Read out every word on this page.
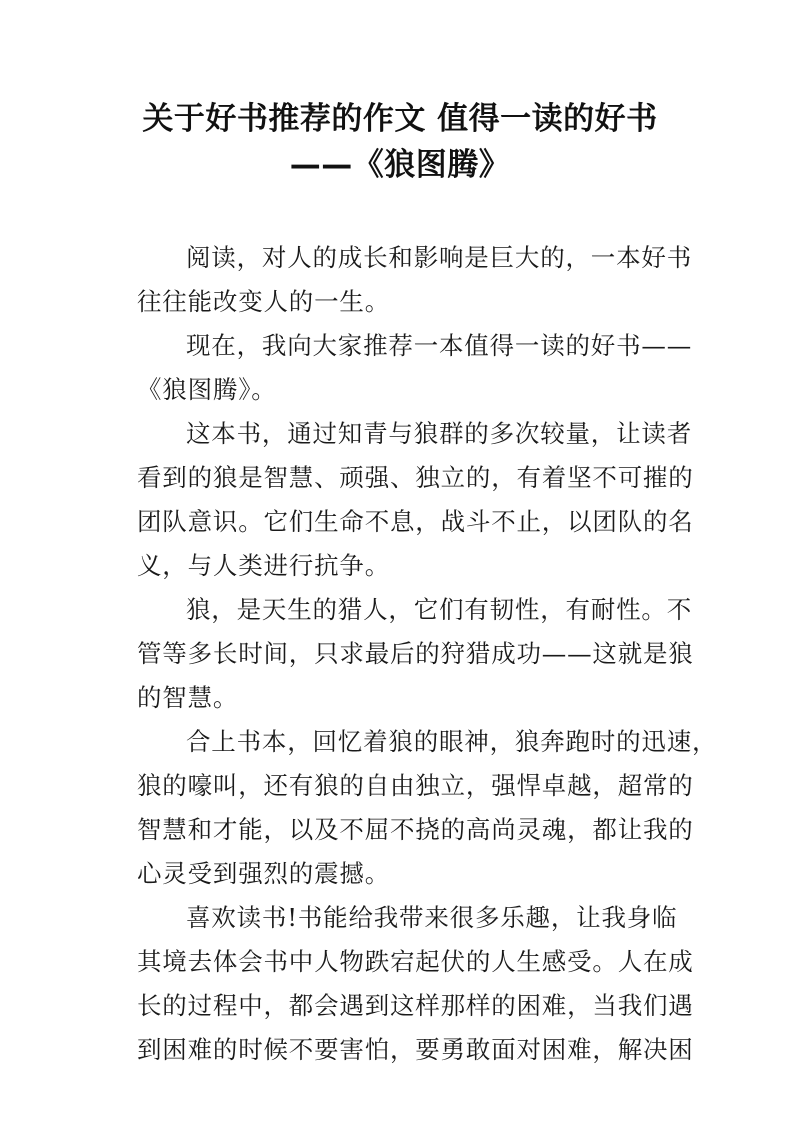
关于好书推荐的作文 值得一读的好书
——《狼图腾》
阅读，对人的成长和影响是巨大的，一本好书
往往能改变人的一生。
现在，我向大家推荐一本值得一读的好书——
《狼图腾》。
这本书，通过知青与狼群的多次较量，让读者
看到的狼是智慧、顽强、独立的，有着坚不可摧的
团队意识。它们生命不息，战斗不止，以团队的名
义，与人类进行抗争。
狼，是天生的猎人，它们有韧性，有耐性。不
管等多长时间，只求最后的狩猎成功——这就是狼
的智慧。
合上书本，回忆着狼的眼神，狼奔跑时的迅速，
狼的嚎叫，还有狼的自由独立，强悍卓越，超常的
智慧和才能，以及不屈不挠的高尚灵魂，都让我的
心灵受到强烈的震撼。
喜欢读书!书能给我带来很多乐趣，让我身临
其境去体会书中人物跌宕起伏的人生感受。人在成
长的过程中，都会遇到这样那样的困难，当我们遇
到困难的时候不要害怕，要勇敢面对困难，解决困
